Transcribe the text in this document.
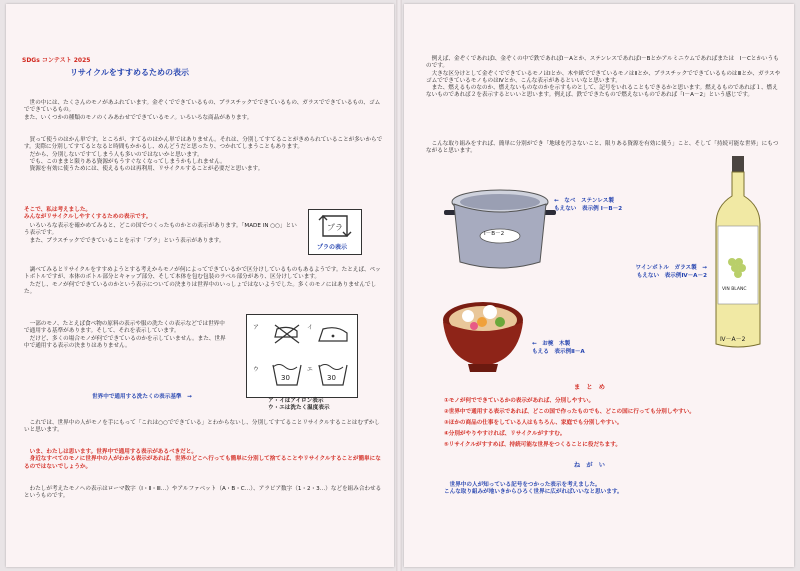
SDGs コンテスト 2025
リサイクルをすすめるための表示
　世の中には、たくさんのモノがあふれています。金ぞくでできているもの、プラスチックでできているもの、ガラスでできているもの、ゴムでできているもの。
また、いくつかの種類のモノのくみあわせでできているモノ。いろいろな商品があります。
　買って使うのはかん単です。ところが、すてるのはかん単ではありません。それは、分別してすてることがきめられていることが多いからです。実際に分別してすてるとなると時間もかかるし、めんどうだと思ったり、つかれてしまうこともあります。
　だから、分別しないですてしまう人も多いのではないかと思います。
　でも、このままと限りある資源がもうすぐなくなってしまうかもしれません。
　資源を有効に使うためには、使えるものは再利用、リサイクルすることが必要だと思います。
そこで、私は考えました。
みんながリサイクルしやすくするための表示です。
　いろいろな表示を確かめてみると、どこの国でつくったものかとの表示があります。「MADE IN ○○」という表示です。
　また、プラスチックでできていることを示す「プラ」という表示があります。
プラ
プラの表示
　調べてみるとリサイクルをすすめようとする考えからモノが何によってできているかで区分けしているものもあるようです。たとえば、ペットボトルですが、本体のボトル部分とキャップ部分、そして本体を包む包装のラベル部分があり、区分けしています。
　ただし、モノが何でできているのかという表示についての決まりは世界中のいっしょではないようでした。多くのモノにはありませんでした。
　一部のモノ、たとえば食べ物の原料の表示や服の洗たくの表示などでは世界中で通用する基準があります。そして、それを表示しています。
　だけど、多くの場合モノが何でできているのかを示していません。また、世界中で通用する表示の決まりはありません。
ア	イ
ウ	エ
30	30
世界中で通用する洗たくの表示基準　→
ア・イはアイロン表示
ウ・エは洗たく温度表示
　これでは、世界中の人がモノを手にもって「これは○○でできている」とわからないし、分別してすてることリサイクルすることはむずかしいと思います。
　いま、わたしは思います。世界中で通用する表示があるべきだと。
　身近なすべてのモノに世界中の人がわかる表示があれば、世界のどこへ行っても簡単に分別して捨てることやリサイクルすることが簡単になるのではないでしょうか。
　わたしが考えたモノへの表示はローマ数字（Ⅰ・Ⅱ・Ⅲ…）やアルファベット（A・B・C…）、アラビア数字（1・2・3…）などを組み合わせるというものです。
　例えば、金ぞくであればⅠ、金ぞくの中で鉄であればⅠ－Aとか、ステンレスであればⅠ－Bとかアルミニウムであればまたは　Ⅰ－Cとかいうものです。
　大きな区分けとして金ぞくでできているモノはⅠとか、木や紙でできているモノはⅡとか、プラスチックでできているものはⅢとか、ガラスやゴムでできているモノものはⅣとか、こんな表示があるといいなと思います。
　また、燃えるものなのか、燃えないものなのかを示すものとして、記号をいれることもできるかと思います。燃えるものであれば１、燃えないものであれば２を表示するといいと思います。例えば、鉄でできたもので燃えないものであれば「Ⅰ－A－2」という感じです。
　こんな取り組みをすれば、簡単に分別ができ「地球を汚さないこと、限りある資源を有効に使う」こと、そして「持続可能な世界」にもつながると思います。
Ⅰ－B－2
←　なべ　ステンレス製
もえない　表示例 Ⅰ－B－2
VIN BLANC
Ⅳ－A－2
ワインボトル　ガラス製　→
もえない　表示例Ⅳ－A－2
←　お椀　木製
もえる　表示例Ⅱ－A
ま　と　め
①モノが何でできているかの表示があれば、分別しやすい。
②世界中で通用する表示であれば、どこの国で作ったものでも、どこの国に行っても分別しやすい。
③ほかの商品の仕事をしている人はもちろん、家庭でも分別しやすい。
④分別がやりやすければ、リサイクルがすすむ。
⑤リサイクルがすすめば、持続可能な世界をつくることに役だちます。
ね　が　い
　世界中の人が知っている記号をつかった表示を考えました。
こんな取り組みが地いきからひろく世界に広がればいいなと思います。
